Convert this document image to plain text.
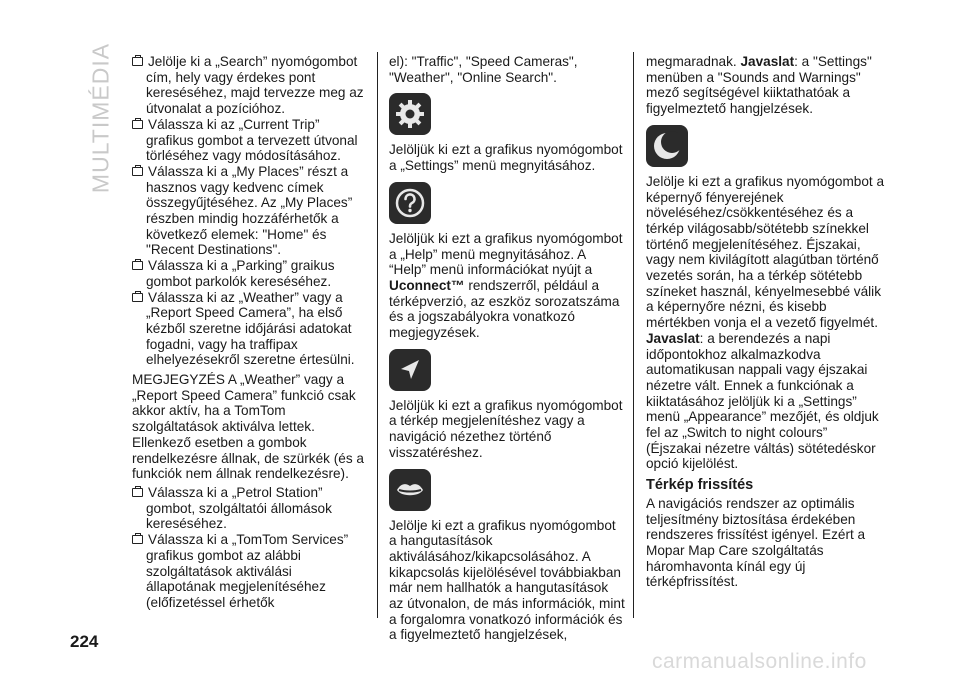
MULTIMÉDIA	Jelölje ki a „Search” nyomógombot cím, hely vagy érdekes pont kereséséhez, majd tervezze meg az útvonalat a pozícióhoz.

Válassza ki az „Current Trip” grafikus gombot a tervezett útvonal törléséhez vagy módosításához.

Válassza ki a „My Places” részt a hasznos vagy kedvenc címek összegyűjtéséhez. Az „My Places” részben mindig hozzáférhetők a következő elemek: "Home" és "Recent Destinations".

Válassza ki a „Parking” graikus gombot parkolók kereséséhez.

Válassza ki az „Weather” vagy a „Report Speed Camera”, ha első kézből szeretne időjárási adatokat fogadni, vagy ha traffipax elhelyezésekről szeretne értesülni.

MEGJEGYZÉS A „Weather” vagy a „Report Speed Camera” funkció csak akkor aktív, ha a TomTom szolgáltatások aktiválva lettek. Ellenkező esetben a gombok rendelkezésre állnak, de szürkék (és a funkciók nem állnak rendelkezésre).

Válassza ki a „Petrol Station” gombot, szolgáltatói állomások kereséséhez.

Válassza ki a „TomTom Services” grafikus gombot az alábbi szolgáltatások aktiválási állapotának megjelenítéséhez (előfizetéssel érhetők

el): "Traffic", "Speed Cameras", "Weather", "Online Search".

Jelöljük ki ezt a grafikus nyomógombot a „Settings” menü megnyitásához.

Jelöljük ki ezt a grafikus nyomógombot a „Help” menü megnyitásához. A “Help” menü információkat nyújt a Uconnect™ rendszerről, például a térképverzió, az eszköz sorozatszáma és a jogszabályokra vonatkozó megjegyzések.

Jelöljük ki ezt a grafikus nyomógombot a térkép megjelenítéshez vagy a navigáció nézethez történő visszatéréshez.

Jelölje ki ezt a grafikus nyomógombot a hangutasítások aktiválásához/kikapcsolásához. A kikapcsolás kijelölésével továbbiakban már nem hallhatók a hangutasítások az útvonalon, de más információk, mint a forgalomra vonatkozó információk és a figyelmeztető hangjelzések,

megmaradnak. Javaslat: a "Settings" menüben a "Sounds and Warnings" mező segítségével kiiktathatóak a figyelmeztető hangjelzések.

Jelölje ki ezt a grafikus nyomógombot a képernyő fényerejének növeléséhez/csökkentéséhez és a térkép világosabb/sötétebb színekkel történő megjelenítéséhez. Éjszakai, vagy nem kivilágított alagútban történő vezetés során, ha a térkép sötétebb színeket használ, kényelmesebbé válik a képernyőre nézni, és kisebb mértékben vonja el a vezető figyelmét.

Javaslat: a berendezés a napi időpontokhoz alkalmazkodva automatikusan nappali vagy éjszakai nézetre vált. Ennek a funkciónak a kiiktatásához jelöljük ki a „Settings” menü „Appearance” mezőjét, és oldjuk fel az „Switch to night colours” (Éjszakai nézetre váltás) sötétedéskor opció kijelölést.

Térkép frissítés

A navigációs rendszer az optimális teljesítmény biztosítása érdekében rendszeres frissítést igényel. Ezért a Mopar Map Care szolgáltatás háromhavonta kínál egy új térképfrissítést.

224
carmanualsonline.info
